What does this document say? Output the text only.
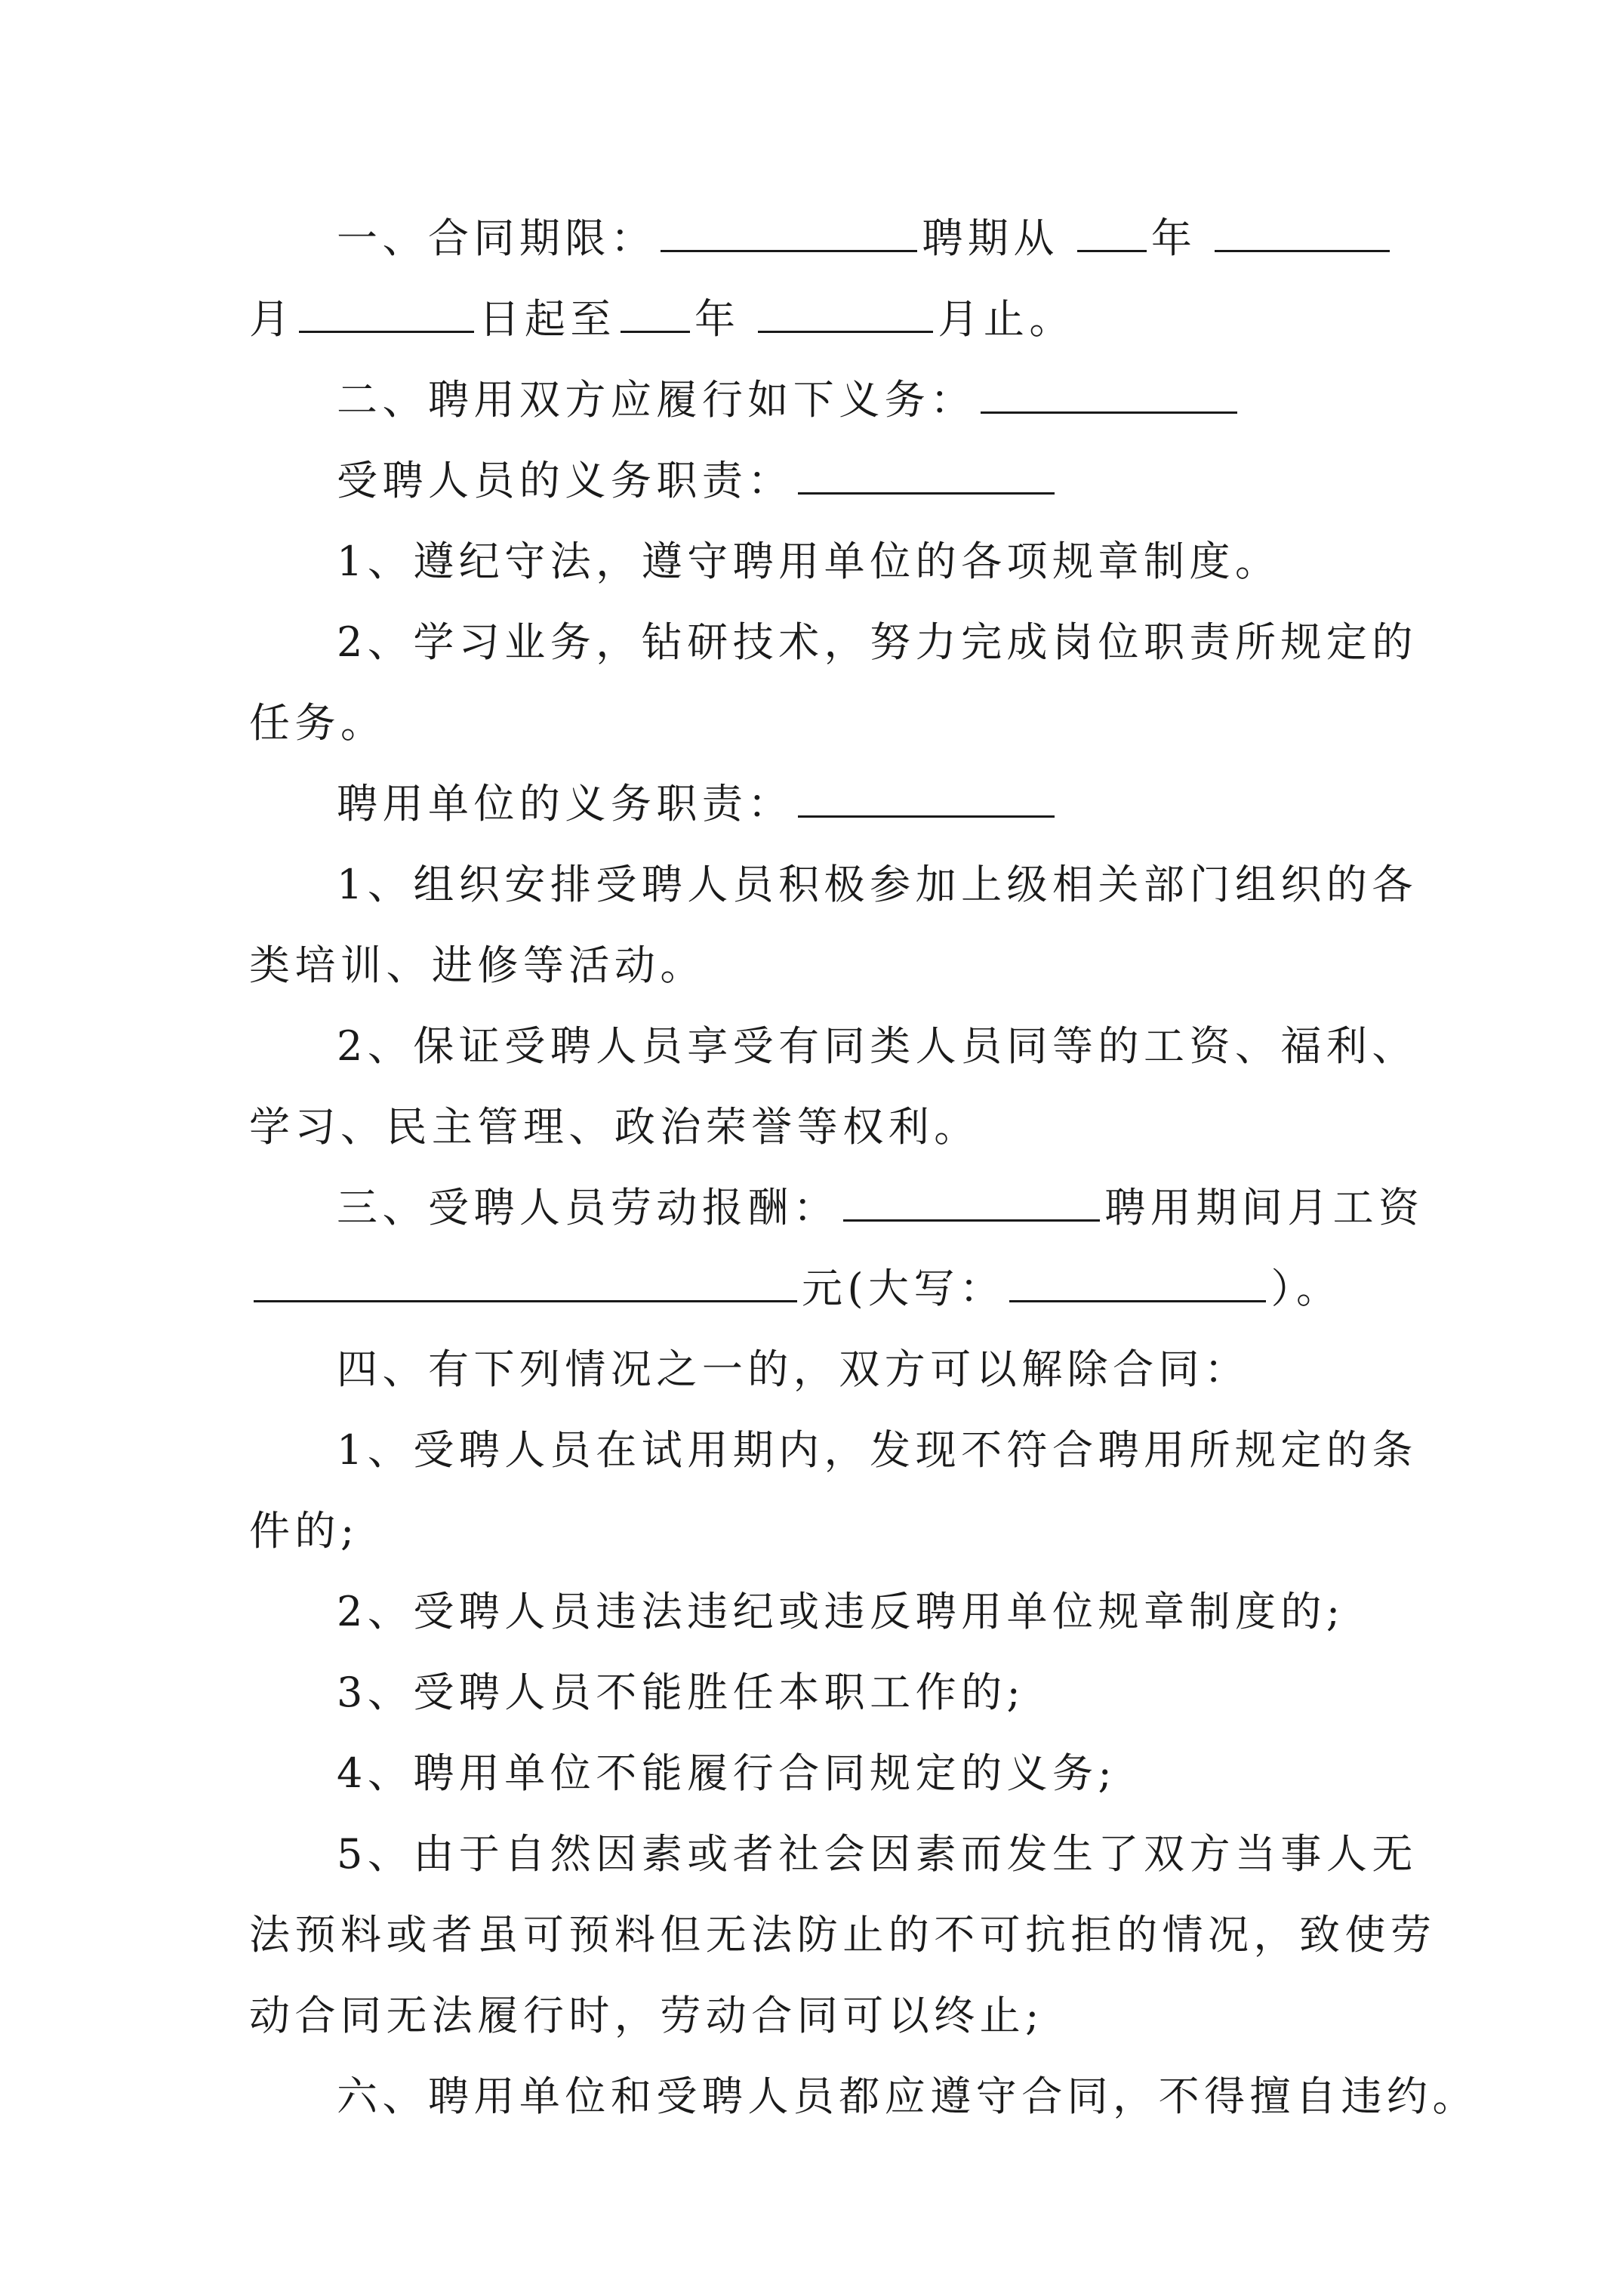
一、合同期限：	聘期从 年
月	日起至 年	月止。
二、聘用双方应履行如下义务：
受聘人员的义务职责：
1、遵纪守法，遵守聘用单位的各项规章制度。
2、学习业务，钻研技术，努力完成岗位职责所规定的
任务。
聘用单位的义务职责：
1、组织安排受聘人员积极参加上级相关部门组织的各
类培训、进修等活动。
2、保证受聘人员享受有同类人员同等的工资、福利、
学习、民主管理、政治荣誉等权利。
三、受聘人员劳动报酬：	聘用期间月工资
元(大写：	）。
四、有下列情况之一的，双方可以解除合同：
1、受聘人员在试用期内，发现不符合聘用所规定的条
件的;
2、受聘人员违法违纪或违反聘用单位规章制度的;
3、受聘人员不能胜任本职工作的;
4、聘用单位不能履行合同规定的义务;
5、由于自然因素或者社会因素而发生了双方当事人无
法预料或者虽可预料但无法防止的不可抗拒的情况，致使劳
动合同无法履行时，劳动合同可以终止;
六、聘用单位和受聘人员都应遵守合同，不得擅自违约。
